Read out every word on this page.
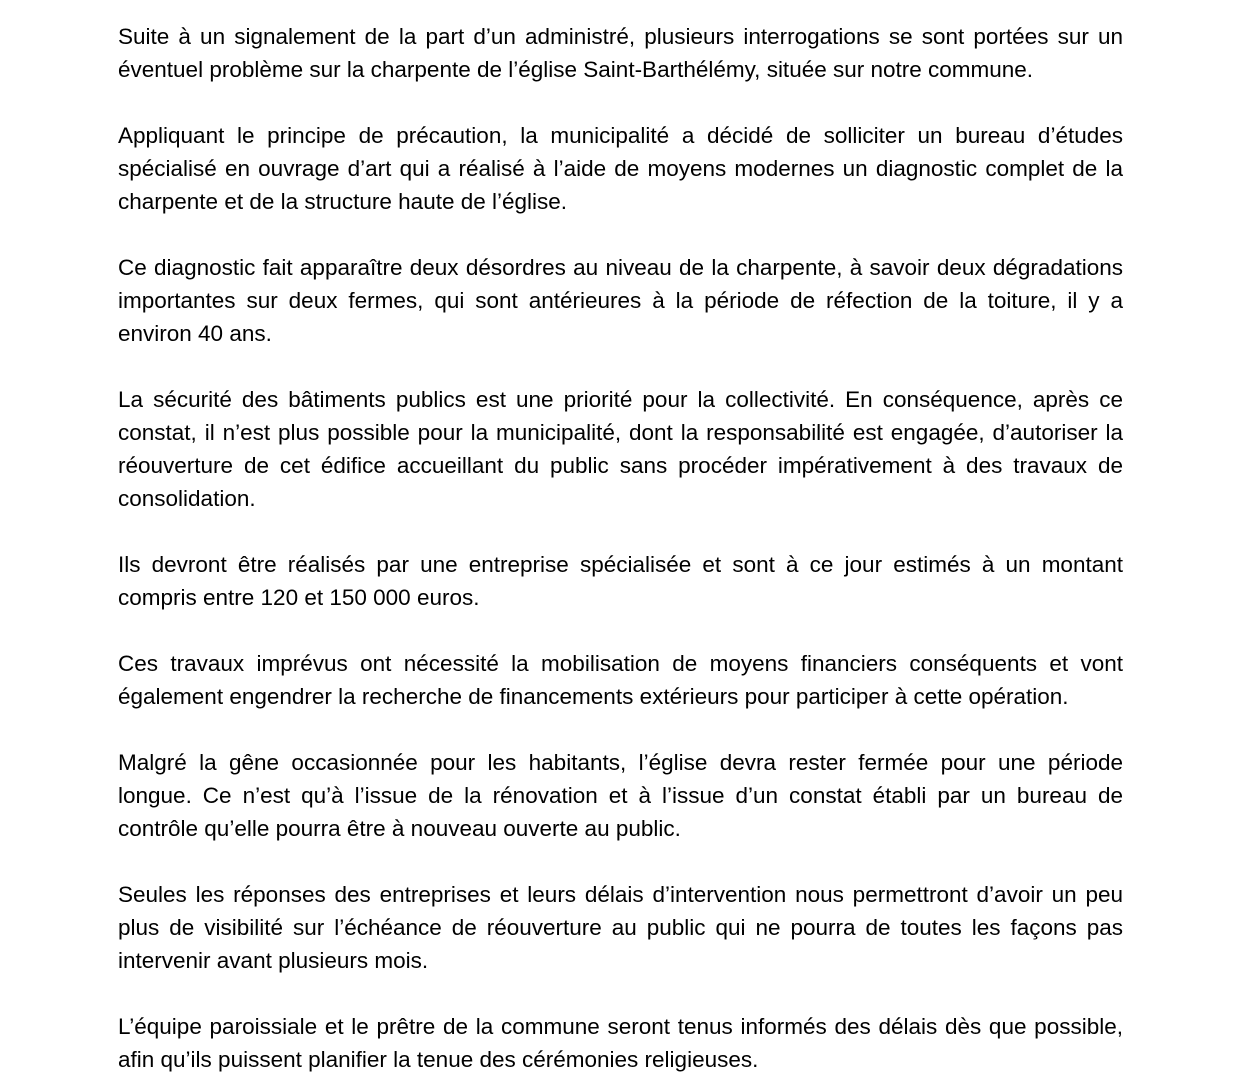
Suite à un signalement de la part d’un administré, plusieurs interrogations se sont portées sur un
éventuel problème sur la charpente de l’église Saint-Barthélémy, située sur notre commune.

Appliquant le principe de précaution, la municipalité a décidé de solliciter un bureau d’études
spécialisé en ouvrage d’art qui a réalisé à l’aide de moyens modernes un diagnostic complet de la
charpente et de la structure haute de l’église.

Ce diagnostic fait apparaître deux désordres au niveau de la charpente, à savoir deux dégradations
importantes sur deux fermes, qui sont antérieures à la période de réfection de la toiture, il y a
environ 40 ans.

La sécurité des bâtiments publics est une priorité pour la collectivité. En conséquence, après ce
constat, il n’est plus possible pour la municipalité, dont la responsabilité est engagée, d’autoriser la
réouverture de cet édifice accueillant du public sans procéder impérativement à des travaux de
consolidation.

Ils devront être réalisés par une entreprise spécialisée et sont à ce jour estimés à un montant
compris entre 120 et 150 000 euros.

Ces travaux imprévus ont nécessité la mobilisation de moyens financiers conséquents et vont
également engendrer la recherche de financements extérieurs pour participer à cette opération.

Malgré la gêne occasionnée pour les habitants, l’église devra rester fermée pour une période
longue. Ce n’est qu’à l’issue de la rénovation et à l’issue d’un constat établi par un bureau de
contrôle qu’elle pourra être à nouveau ouverte au public.

Seules les réponses des entreprises et leurs délais d’intervention nous permettront d’avoir un peu
plus de visibilité sur l’échéance de réouverture au public qui ne pourra de toutes les façons pas
intervenir avant plusieurs mois.

L’équipe paroissiale et le prêtre de la commune seront tenus informés des délais dès que possible,
afin qu’ils puissent planifier la tenue des cérémonies religieuses.
